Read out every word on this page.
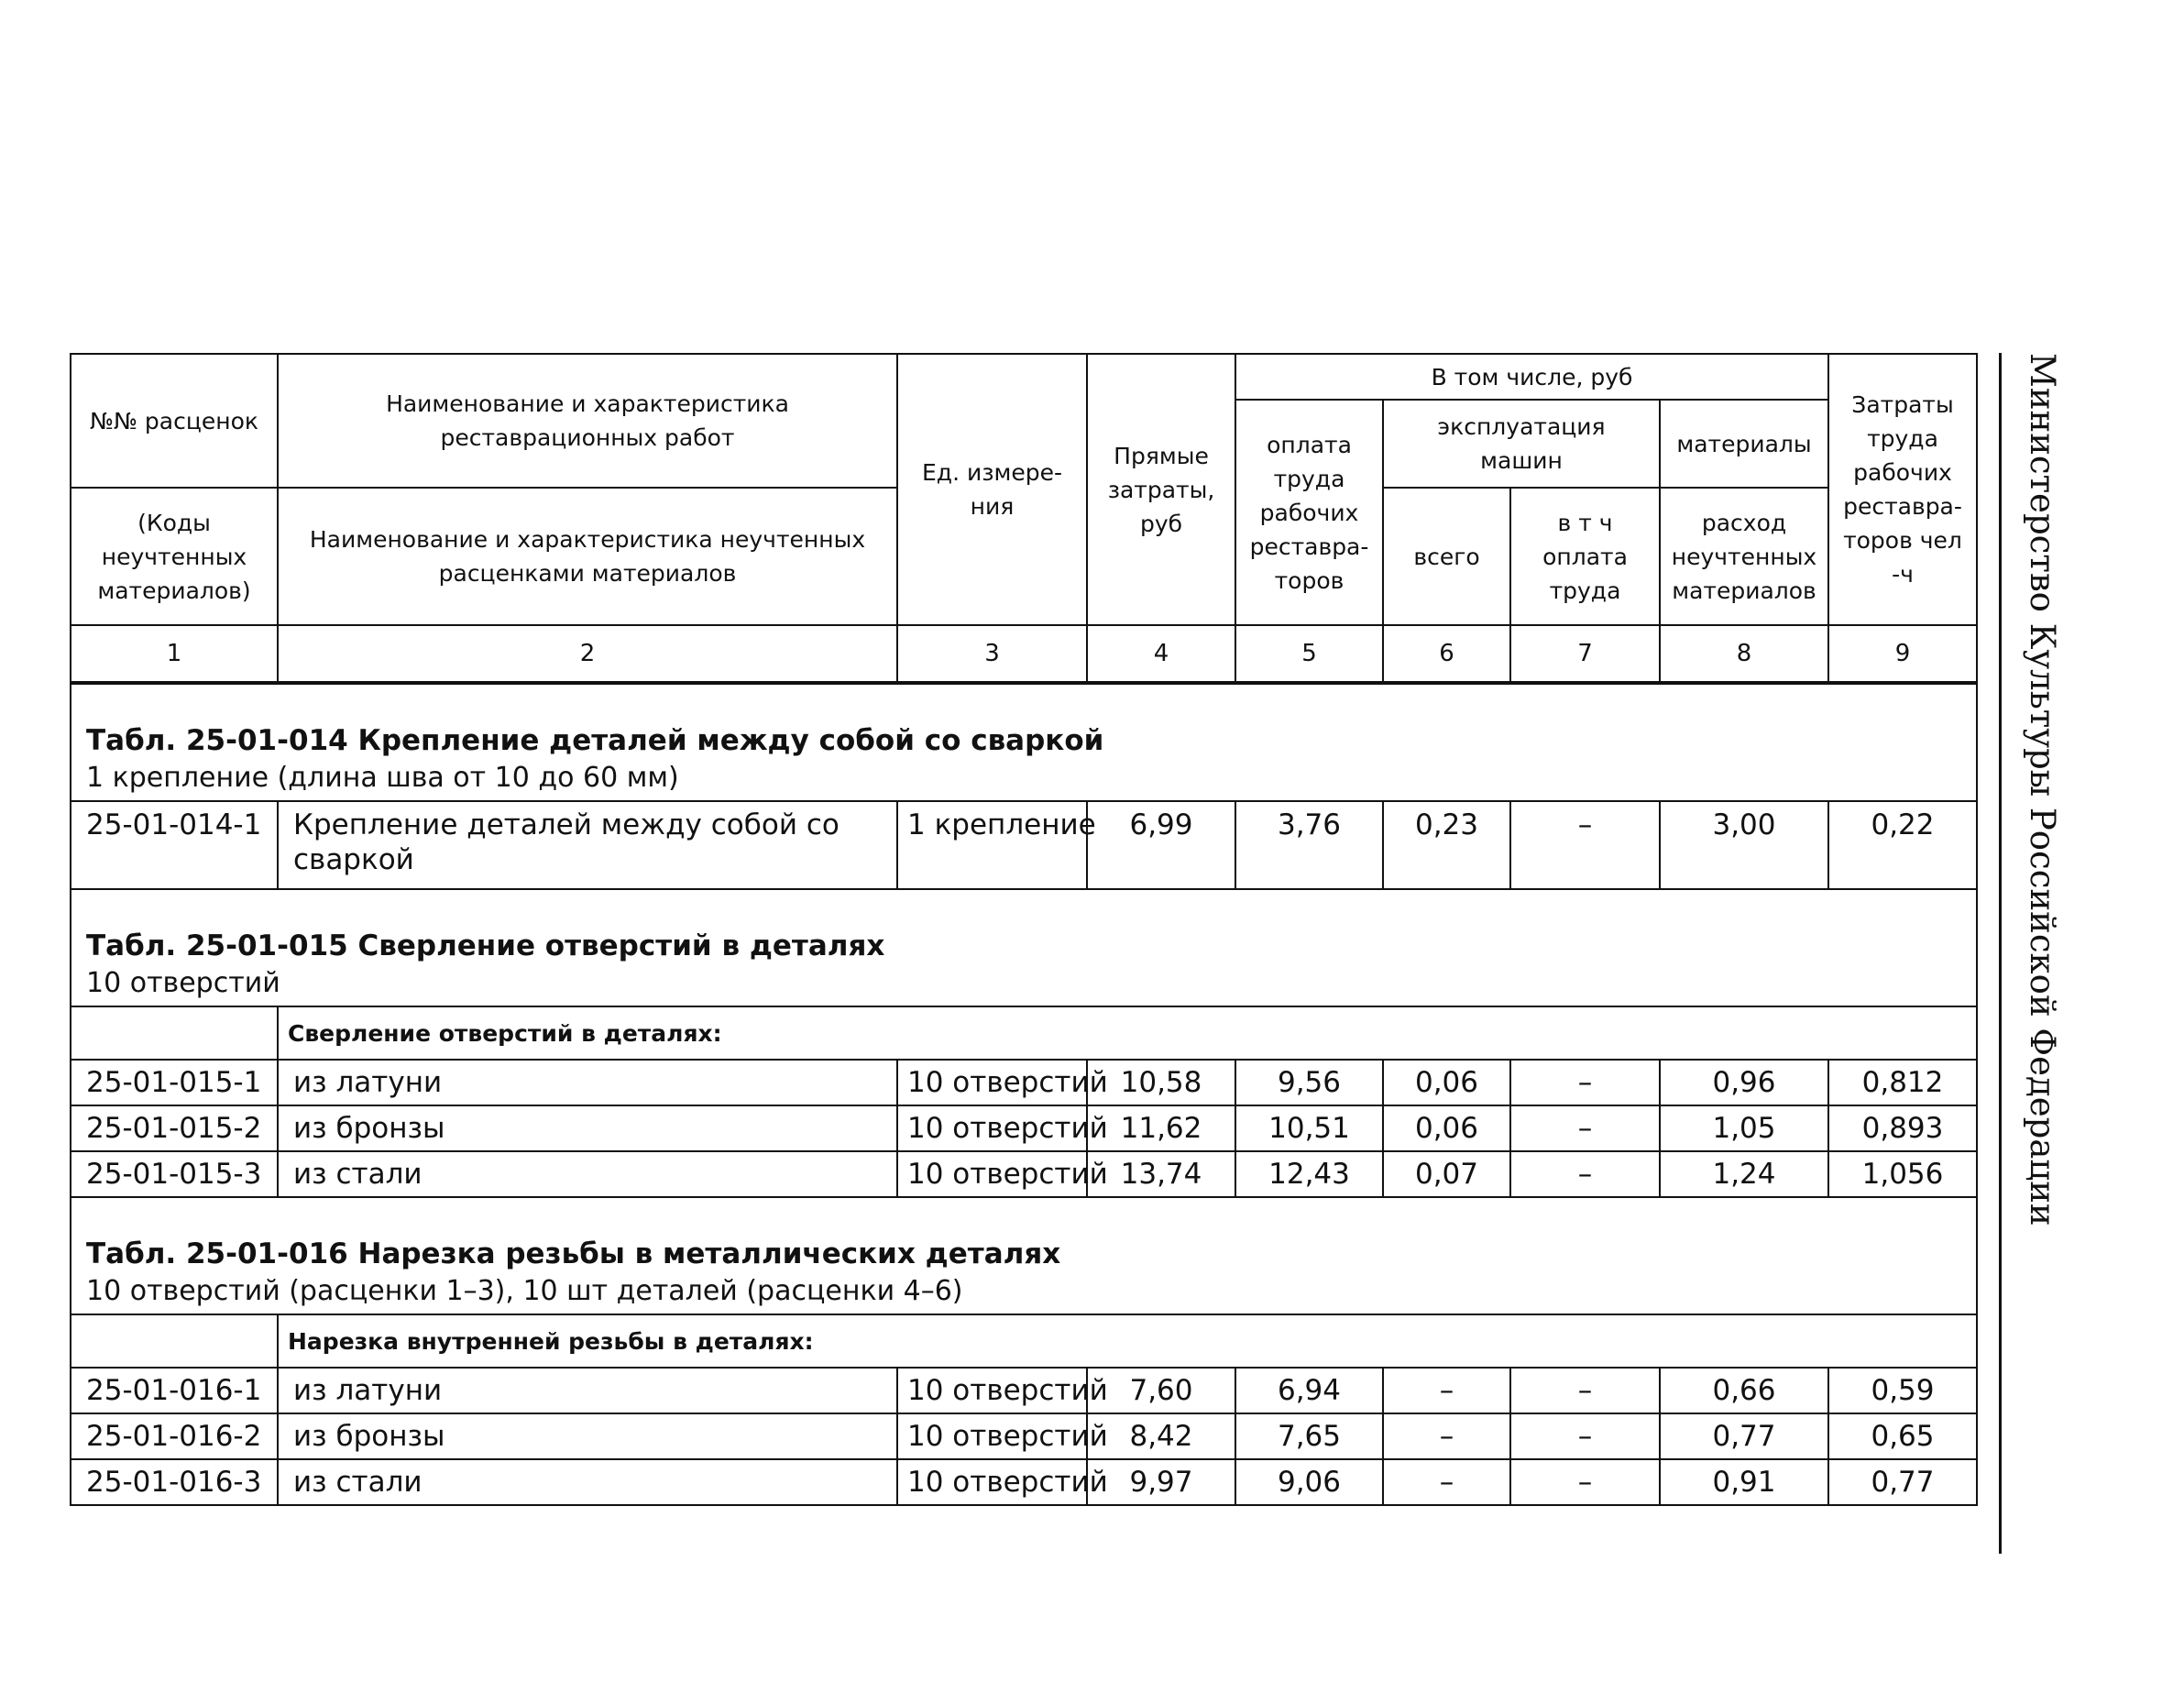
№№ расценок	Наименование и характеристика реставрационных работ	Ед. измере-ния	Прямые затраты, руб	В том числе, руб				Затраты труда рабочих реставра-торов чел -ч
				оплата труда рабочих реставра-торов	эксплуатация машин		материалы	
(Коды неучтенных материалов)	Наименование и характеристика неучтенных расценками материалов				всего	в т ч оплата труда	расход неучтенных материалов	

1	2	3	4	5	6	7	8	9

Табл. 25-01-014 Крепление деталей между собой со сваркой
1 крепление (длина шва от 10 до 60 мм)								

25-01-014-1	Крепление деталей между собой со сваркой	1 крепление	6,99	3,76	0,23	–	3,00	0,22

Табл. 25-01-015 Сверление отверстий в деталях
10 отверстий								

	Сверление отверстий в деталях:							
25-01-015-1	из латуни	10 отверстий	10,58	9,56	0,06	–	0,96	0,812
25-01-015-2	из бронзы	10 отверстий	11,62	10,51	0,06	–	1,05	0,893
25-01-015-3	из стали	10 отверстий	13,74	12,43	0,07	–	1,24	1,056

Табл. 25-01-016 Нарезка резьбы в металлических деталях
10 отверстий (расценки 1–3), 10 шт деталей (расценки 4–6)								

	Нарезка внутренней резьбы в деталях:							
25-01-016-1	из латуни	10 отверстий	7,60	6,94	–	–	0,66	0,59
25-01-016-2	из бронзы	10 отверстий	8,42	7,65	–	–	0,77	0,65
25-01-016-3	из стали	10 отверстий	9,97	9,06	–	–	0,91	0,77
Министерство Культуры Российской Федерации
